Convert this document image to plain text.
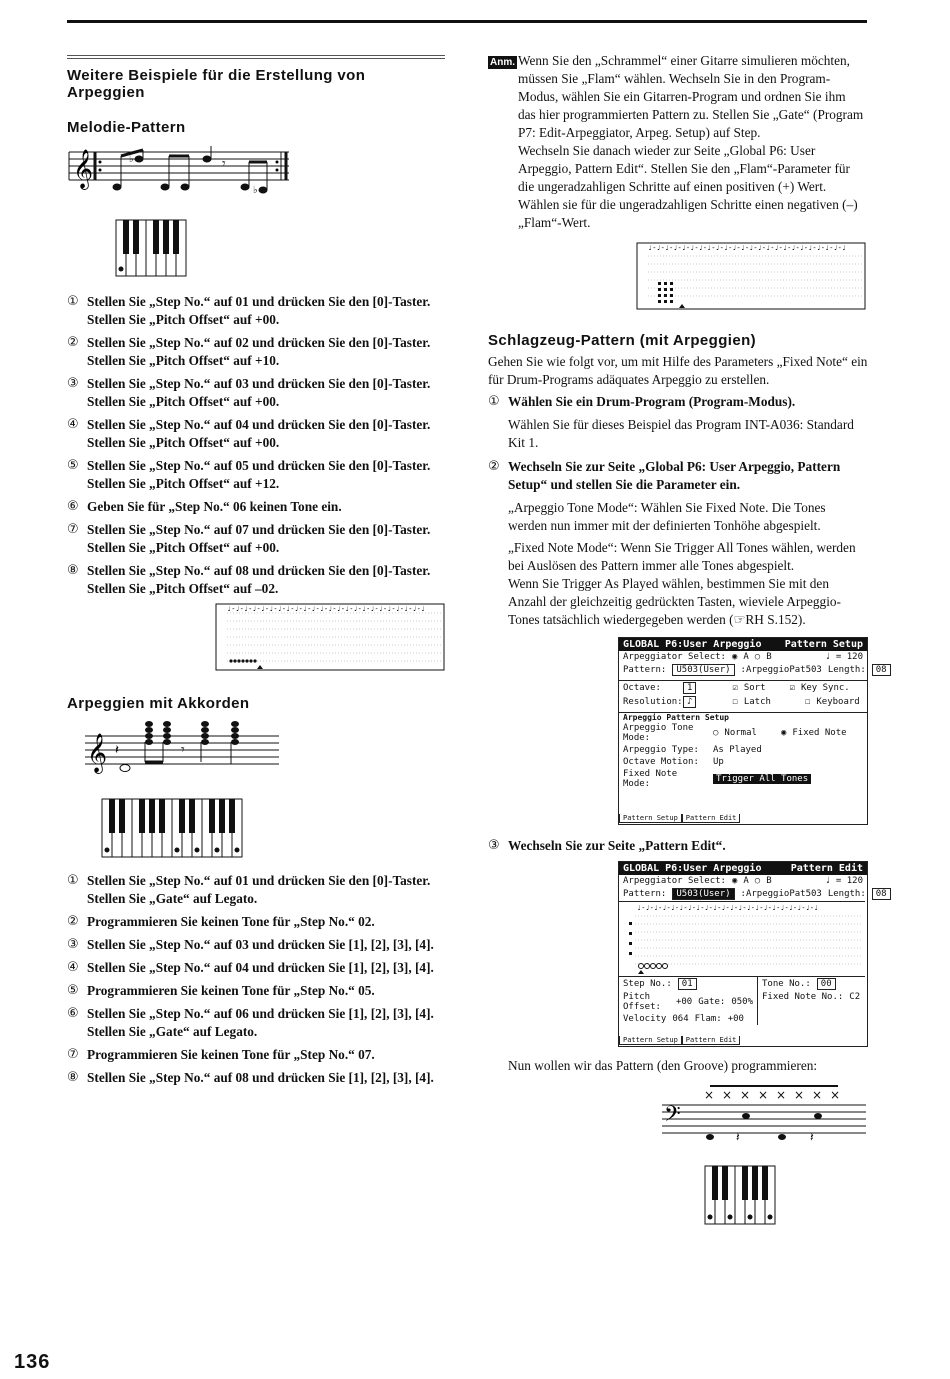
Weitere Beispiele für die Erstellung von Arpeggien
Melodie-Pattern
𝄞	♭	𝄾
♭
① Stellen Sie „Step No.“ auf 01 und drücken Sie den [0]-Taster.
Stellen Sie „Pitch Offset“ auf +00.
② Stellen Sie „Step No.“ auf 02 und drücken Sie den [0]-Taster.
Stellen Sie „Pitch Offset“ auf +10.
③ Stellen Sie „Step No.“ auf 03 und drücken Sie den [0]-Taster.
Stellen Sie „Pitch Offset“ auf +00.
④ Stellen Sie „Step No.“ auf 04 und drücken Sie den [0]-Taster.
Stellen Sie „Pitch Offset“ auf +00.
⑤ Stellen Sie „Step No.“ auf 05 und drücken Sie den [0]-Taster.
Stellen Sie „Pitch Offset“ auf +12.
⑥ Geben Sie für „Step No.“ 06 keinen Tone ein.
⑦ Stellen Sie „Step No.“ auf 07 und drücken Sie den [0]-Taster.
Stellen Sie „Pitch Offset“ auf +00.
⑧ Stellen Sie „Step No.“ auf 08 und drücken Sie den [0]-Taster.
Stellen Sie „Pitch Offset“ auf –02.
♩-♩-♩-♩-♩-♩-♩-♩-♩-♩-♩-♩-♩-♩-♩-♩-♩-♩-♩-♩-♩-♩-♩-♩
Arpeggien mit Akkorden
𝄞 𝄽	𝄾
① Stellen Sie „Step No.“ auf 01 und drücken Sie den [0]-Taster.
Stellen Sie „Gate“ auf Legato.
② Programmieren Sie keinen Tone für „Step No.“ 02.
③ Stellen Sie „Step No.“ auf 03 und drücken Sie [1], [2], [3], [4].
④ Stellen Sie „Step No.“ auf 04 und drücken Sie [1], [2], [3], [4].
⑤ Programmieren Sie keinen Tone für „Step No.“ 05.
⑥ Stellen Sie „Step No.“ auf 06 und drücken Sie [1], [2], [3], [4].
Stellen Sie „Gate“ auf Legato.
⑦ Programmieren Sie keinen Tone für „Step No.“ 07.
⑧ Stellen Sie „Step No.“ auf 08 und drücken Sie [1], [2], [3], [4].
Anm. Wenn Sie den „Schrammel“ einer Gitarre simulieren möchten, müssen Sie „Flam“ wählen. Wechseln Sie in den Program-Modus, wählen Sie ein Gitarren-Program und ordnen Sie ihm das hier programmierten Pattern zu. Stellen Sie „Gate“ (Program P7: Edit-Arpeggiator, Arpeg. Setup) auf Step.
Wechseln Sie danach wieder zur Seite „Global P6: User Arpeggio, Pattern Edit“. Stellen Sie den „Flam“-Parameter für die ungeradzahligen Schritte auf einen positiven (+) Wert. Wählen sie für die ungeradzahligen Schritte einen negativen (–) „Flam“-Wert.
♩-♩-♩-♩-♩-♩-♩-♩-♩-♩-♩-♩-♩-♩-♩-♩-♩-♩-♩-♩-♩-♩-♩-♩
Schlagzeug-Pattern (mit Arpeggien)
Gehen Sie wie folgt vor, um mit Hilfe des Parameters „Fixed Note“ ein für Drum-Programs adäquates Arpeggio zu erstellen.
① Wählen Sie ein Drum-Program (Program-Modus).
Wählen Sie für dieses Beispiel das Program INT-A036: Standard Kit 1.
② Wechseln Sie zur Seite „Global P6: User Arpeggio, Pattern Setup“ und stellen Sie die Parameter ein.
„Arpeggio Tone Mode“: Wählen Sie Fixed Note. Die Tones werden nun immer mit der definierten Tonhöhe abgespielt.
„Fixed Note Mode“: Wenn Sie Trigger All Tones wählen, werden bei Auslösen des Pattern immer alle Tones abgespielt.
Wenn Sie Trigger As Played wählen, bestimmen Sie mit den Anzahl der gleichzeitig gedrückten Tasten, wieviele Arpeggio-Tones tatsächlich wiedergegeben werden (☞RH S.152).
GLOBAL P6:User Arpeggio Pattern Setup
Arpeggiator Select: ◉ A ○ B	♩ = 120
Pattern:	U503(User)	:ArpeggioPat503 Length:	08
Octave:	1	☑ Sort	☑ Key Sync.
Resolution: ♪	☐ Latch	☐ Keyboard
Arpeggio Pattern Setup
Arpeggio Tone Mode:	○ Normal	◉ Fixed Note
Arpeggio Type:	As Played
Octave Motion:	Up
Fixed Note Mode:	Trigger All Tones
Pattern Setup Pattern Edit
③ Wechseln Sie zur Seite „Pattern Edit“.
GLOBAL P6:User Arpeggio	Pattern Edit
Arpeggiator Select: ◉ A ○ B	♩ = 120
Pattern:	U503(User)	:ArpeggioPat503 Length:	08
♩-♩-♩-♩-♩-♩-♩-♩-♩-♩-♩-♩-♩-♩-♩-♩-♩-♩-♩-♩-♩-♩
Step No.:	01
Pitch Offset:	+00 Gate: 050%
Velocity 064 Flam: +00
Tone No.:	00
Fixed Note No.: C2
Pattern Setup Pattern Edit
Nun wollen wir das Pattern (den Groove) programmieren:
𝄢
× × × × × × × ×
𝄽	𝄽
136
